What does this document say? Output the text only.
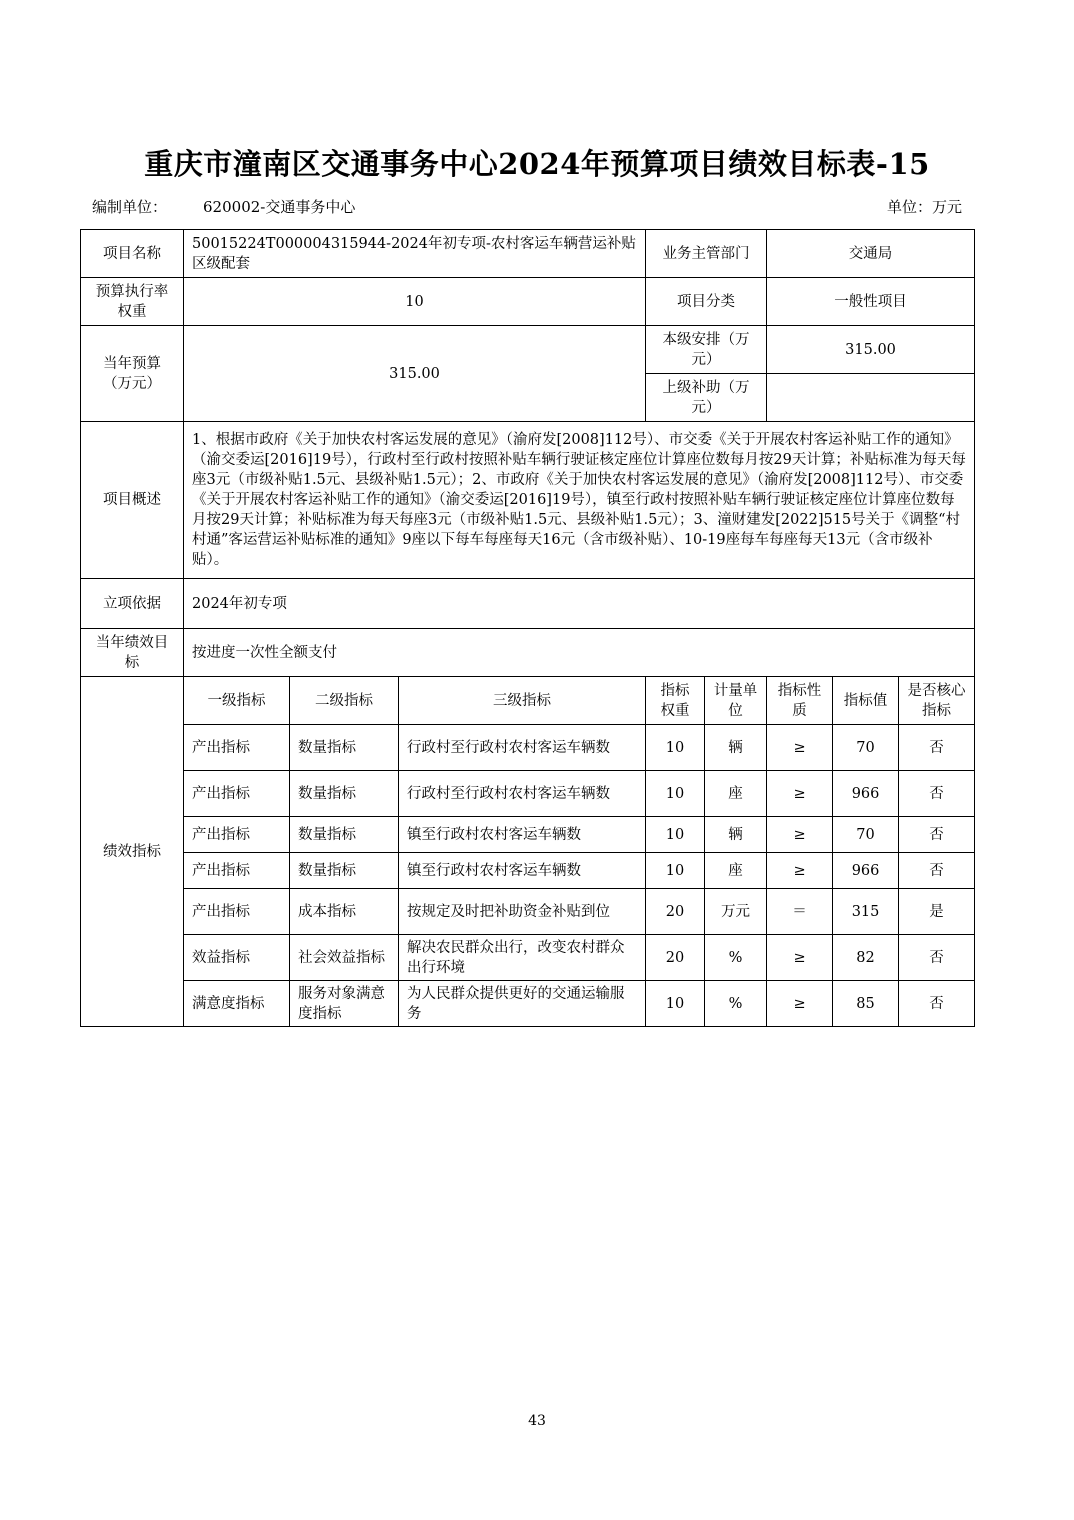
重庆市潼南区交通事务中心2024年预算项目绩效目标表-15
编制单位： 620002-交通事务中心	单位：万元
项目名称	50015224T000004315944-2024年初专项-农村客运车辆营运补贴区级配套			业务主管部门		交通局		
预算执行率权重	10			项目分类		一般性项目		
当年预算（万元）	315.00			本级安排（万元）		315.00		
				上级补助（万元）				
项目概述	1、根据市政府《关于加快农村客运发展的意见》（渝府发[2008]112号）、市交委《关于开展农村客运补贴工作的通知》（渝交委运[2016]19号），行政村至行政村按照补贴车辆行驶证核定座位计算座位数每月按29天计算；补贴标准为每天每座3元（市级补贴1.5元、县级补贴1.5元）；2、市政府《关于加快农村客运发展的意见》（渝府发[2008]112号）、市交委《关于开展农村客运补贴工作的通知》（渝交委运[2016]19号），镇至行政村按照补贴车辆行驶证核定座位计算座位数每月按29天计算；补贴标准为每天每座3元（市级补贴1.5元、县级补贴1.5元）；3、潼财建发[2022]515号关于《调整“村村通”客运营运补贴标准的通知》9座以下每车每座每天16元（含市级补贴）、10-19座每车每座每天13元（含市级补贴）。							
立项依据	2024年初专项							
当年绩效目标	按进度一次性全额支付							
绩效指标	一级指标	二级指标	三级指标	指标权重	计量单位	指标性质	指标值	是否核心指标
	产出指标	数量指标	行政村至行政村农村客运车辆数	10	辆	≥	70	否
	产出指标	数量指标	行政村至行政村农村客运车辆数	10	座	≥	966	否
	产出指标	数量指标	镇至行政村农村客运车辆数	10	辆	≥	70	否
	产出指标	数量指标	镇至行政村农村客运车辆数	10	座	≥	966	否
	产出指标	成本指标	按规定及时把补助资金补贴到位	20	万元	＝	315	是
	效益指标	社会效益指标	解决农民群众出行，改变农村群众出行环境	20	%	≥	82	否
	满意度指标	服务对象满意度指标	为人民群众提供更好的交通运输服务	10	%	≥	85	否
43
